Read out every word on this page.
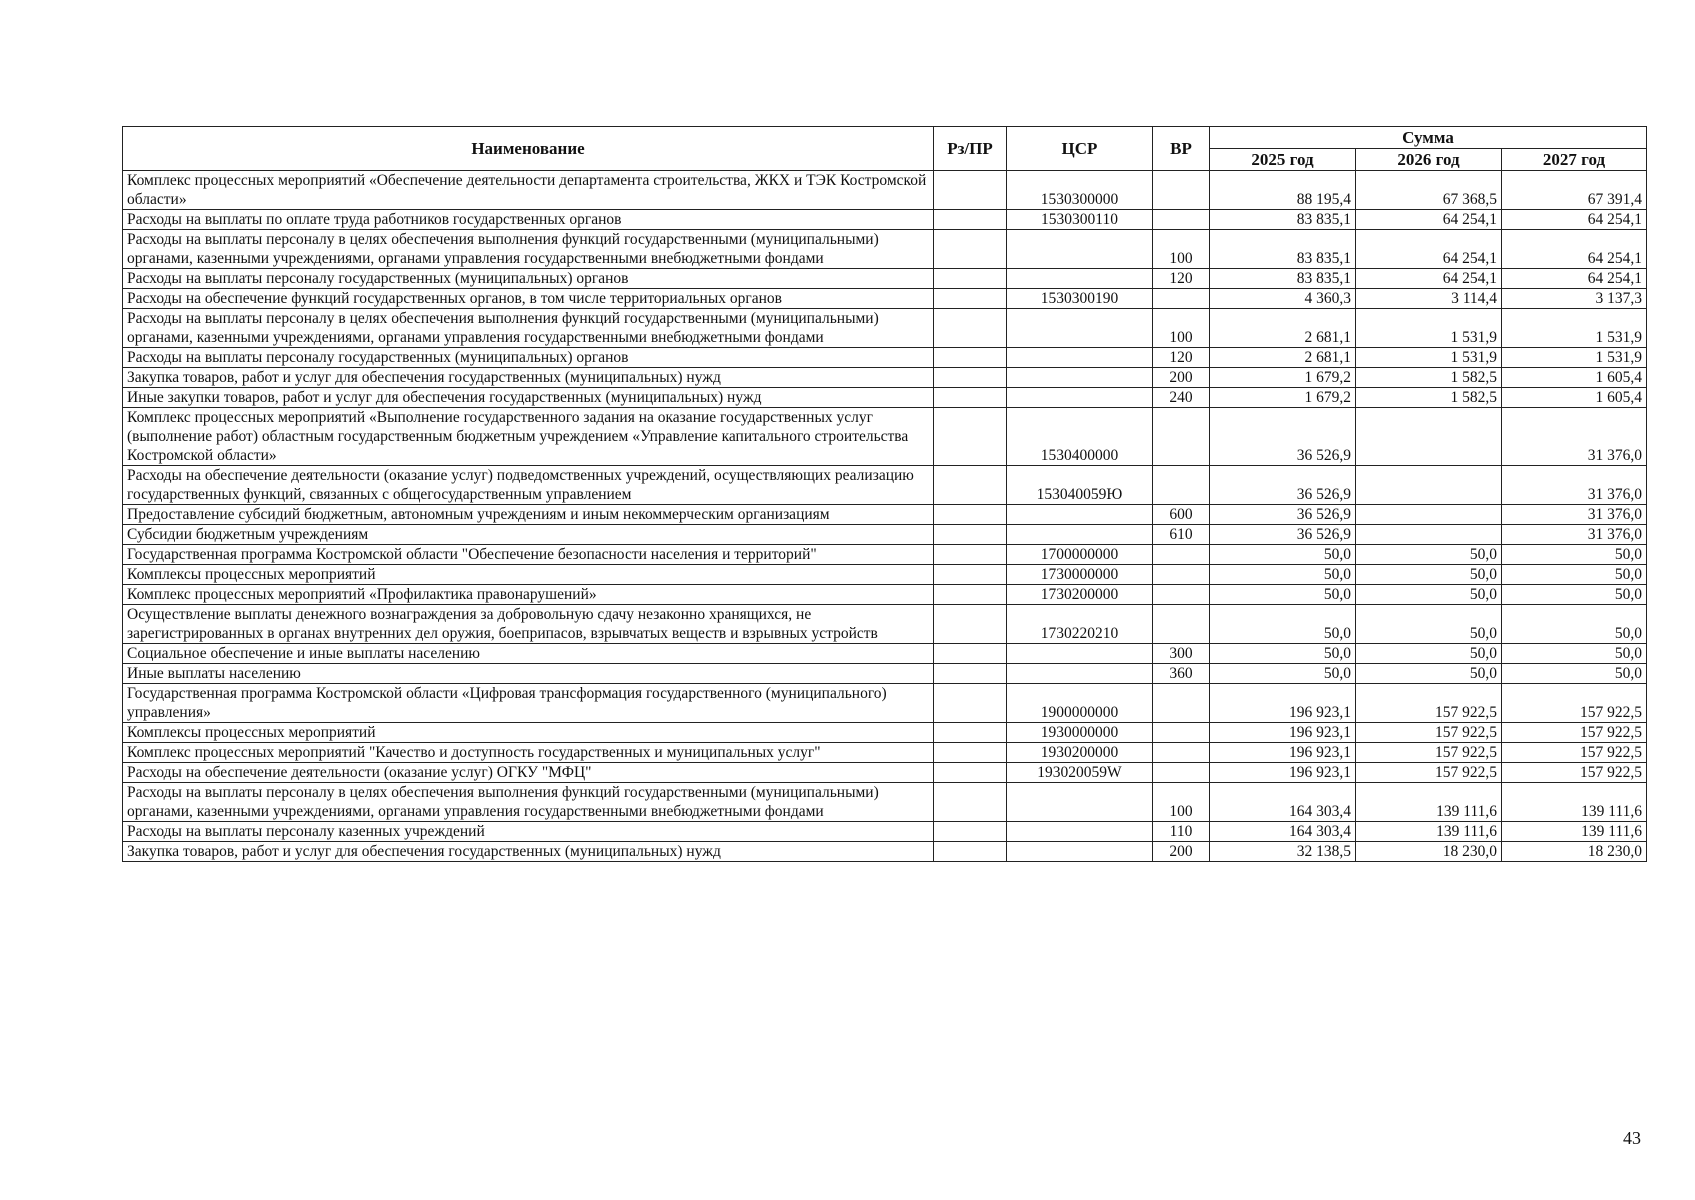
Наименование	Рз/ПР	ЦСР	ВР	Сумма		
				2025 год	2026 год	2027 год
Комплекс процессных мероприятий «Обеспечение деятельности департамента строительства, ЖКХ и ТЭК Костромской области»		1530300000		88 195,4	67 368,5	67 391,4
Расходы на выплаты по оплате труда работников государственных органов		1530300110		83 835,1	64 254,1	64 254,1
Расходы на выплаты персоналу в целях обеспечения выполнения функций государственными (муниципальными) органами, казенными учреждениями, органами управления государственными внебюджетными фондами			100	83 835,1	64 254,1	64 254,1
Расходы на выплаты персоналу государственных (муниципальных) органов			120	83 835,1	64 254,1	64 254,1
Расходы на обеспечение функций государственных органов, в том числе территориальных органов		1530300190		4 360,3	3 114,4	3 137,3
Расходы на выплаты персоналу в целях обеспечения выполнения функций государственными (муниципальными) органами, казенными учреждениями, органами управления государственными внебюджетными фондами			100	2 681,1	1 531,9	1 531,9
Расходы на выплаты персоналу государственных (муниципальных) органов			120	2 681,1	1 531,9	1 531,9
Закупка товаров, работ и услуг для обеспечения государственных (муниципальных) нужд			200	1 679,2	1 582,5	1 605,4
Иные закупки товаров, работ и услуг для обеспечения государственных (муниципальных) нужд			240	1 679,2	1 582,5	1 605,4
Комплекс процессных мероприятий «Выполнение государственного задания на оказание государственных услуг (выполнение работ) областным государственным бюджетным учреждением «Управление капитального строительства Костромской области»		1530400000		36 526,9		31 376,0
Расходы на обеспечение деятельности (оказание услуг) подведомственных учреждений, осуществляющих реализацию государственных функций, связанных с общегосударственным управлением		153040059Ю		36 526,9		31 376,0
Предоставление субсидий бюджетным, автономным учреждениям и иным некоммерческим организациям			600	36 526,9		31 376,0
Субсидии бюджетным учреждениям			610	36 526,9		31 376,0
Государственная программа Костромской области "Обеспечение безопасности населения и территорий"		1700000000		50,0	50,0	50,0
Комплексы процессных мероприятий		1730000000		50,0	50,0	50,0
Комплекс процессных мероприятий «Профилактика правонарушений»		1730200000		50,0	50,0	50,0
Осуществление выплаты денежного вознаграждения за добровольную сдачу незаконно хранящихся, не зарегистрированных в органах внутренних дел оружия, боеприпасов, взрывчатых веществ и взрывных устройств		1730220210		50,0	50,0	50,0
Социальное обеспечение и иные выплаты населению			300	50,0	50,0	50,0
Иные выплаты населению			360	50,0	50,0	50,0
Государственная программа Костромской области «Цифровая трансформация государственного (муниципального) управления»		1900000000		196 923,1	157 922,5	157 922,5
Комплексы процессных мероприятий		1930000000		196 923,1	157 922,5	157 922,5
Комплекс процессных мероприятий "Качество и доступность государственных и муниципальных услуг"		1930200000		196 923,1	157 922,5	157 922,5
Расходы на обеспечение деятельности (оказание услуг) ОГКУ "МФЦ"		193020059W		196 923,1	157 922,5	157 922,5
Расходы на выплаты персоналу в целях обеспечения выполнения функций государственными (муниципальными) органами, казенными учреждениями, органами управления государственными внебюджетными фондами			100	164 303,4	139 111,6	139 111,6
Расходы на выплаты персоналу казенных учреждений			110	164 303,4	139 111,6	139 111,6
Закупка товаров, работ и услуг для обеспечения государственных (муниципальных) нужд			200	32 138,5	18 230,0	18 230,0
43
